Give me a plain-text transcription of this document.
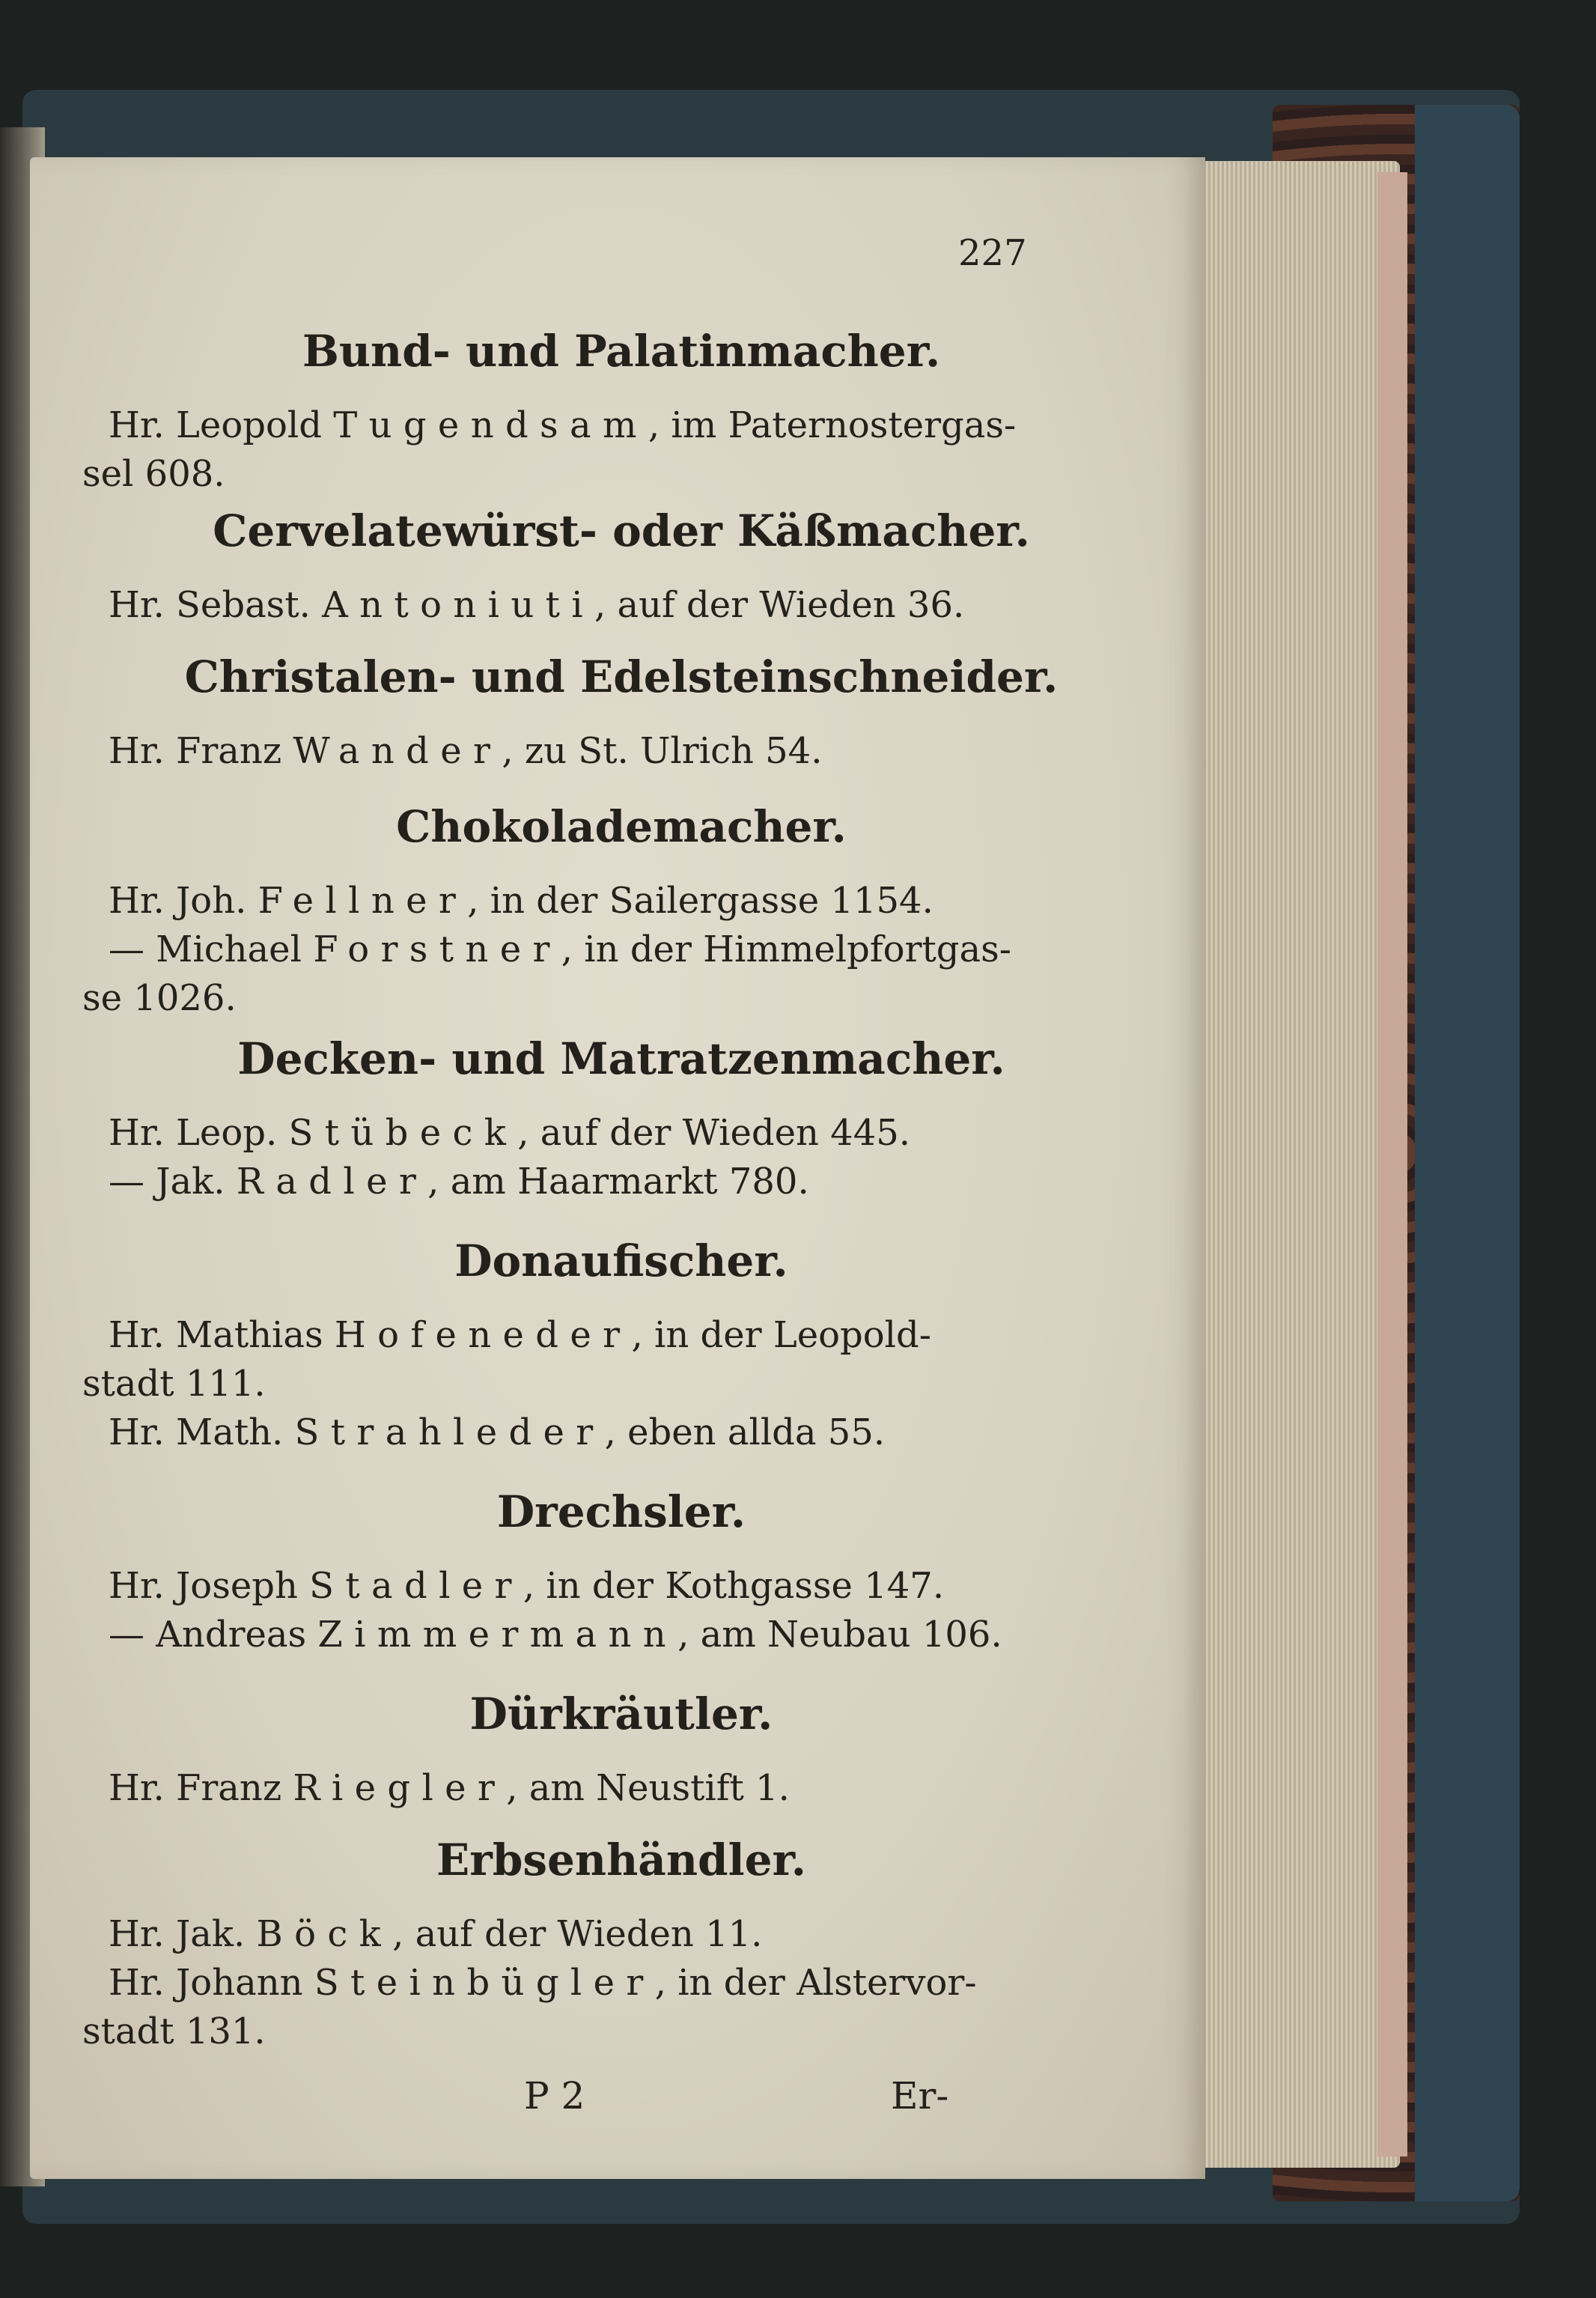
227

Bund- und Palatinmacher.

Hr. Leopold Tugendsam, im Paternostergas-

sel 608.

Cervelatewürst- oder Käßmacher.

Hr. Sebast. Antoniuti, auf der Wieden 36.

Christalen- und Edelsteinschneider.

Hr. Franz Wander, zu St. Ulrich 54.

Chokolademacher.

Hr. Joh. Fellner, in der Sailergasse 1154.

— Michael Forstner, in der Himmelpfortgas-

se 1026.

Decken- und Matratzenmacher.

Hr. Leop. Stübeck, auf der Wieden 445.

— Jak. Radler, am Haarmarkt 780.

Donaufischer.

Hr. Mathias Hofeneder, in der Leopold-

stadt 111.

Hr. Math. Strahleder, eben allda 55.

Drechsler.

Hr. Joseph Stadler, in der Kothgasse 147.

— Andreas Zimmermann, am Neubau 106.

Dürkräutler.

Hr. Franz Riegler, am Neustift 1.

Erbsenhändler.

Hr. Jak. Böck, auf der Wieden 11.

Hr. Johann Steinbügler, in der Alstervor-

stadt 131.

P 2	Er-
